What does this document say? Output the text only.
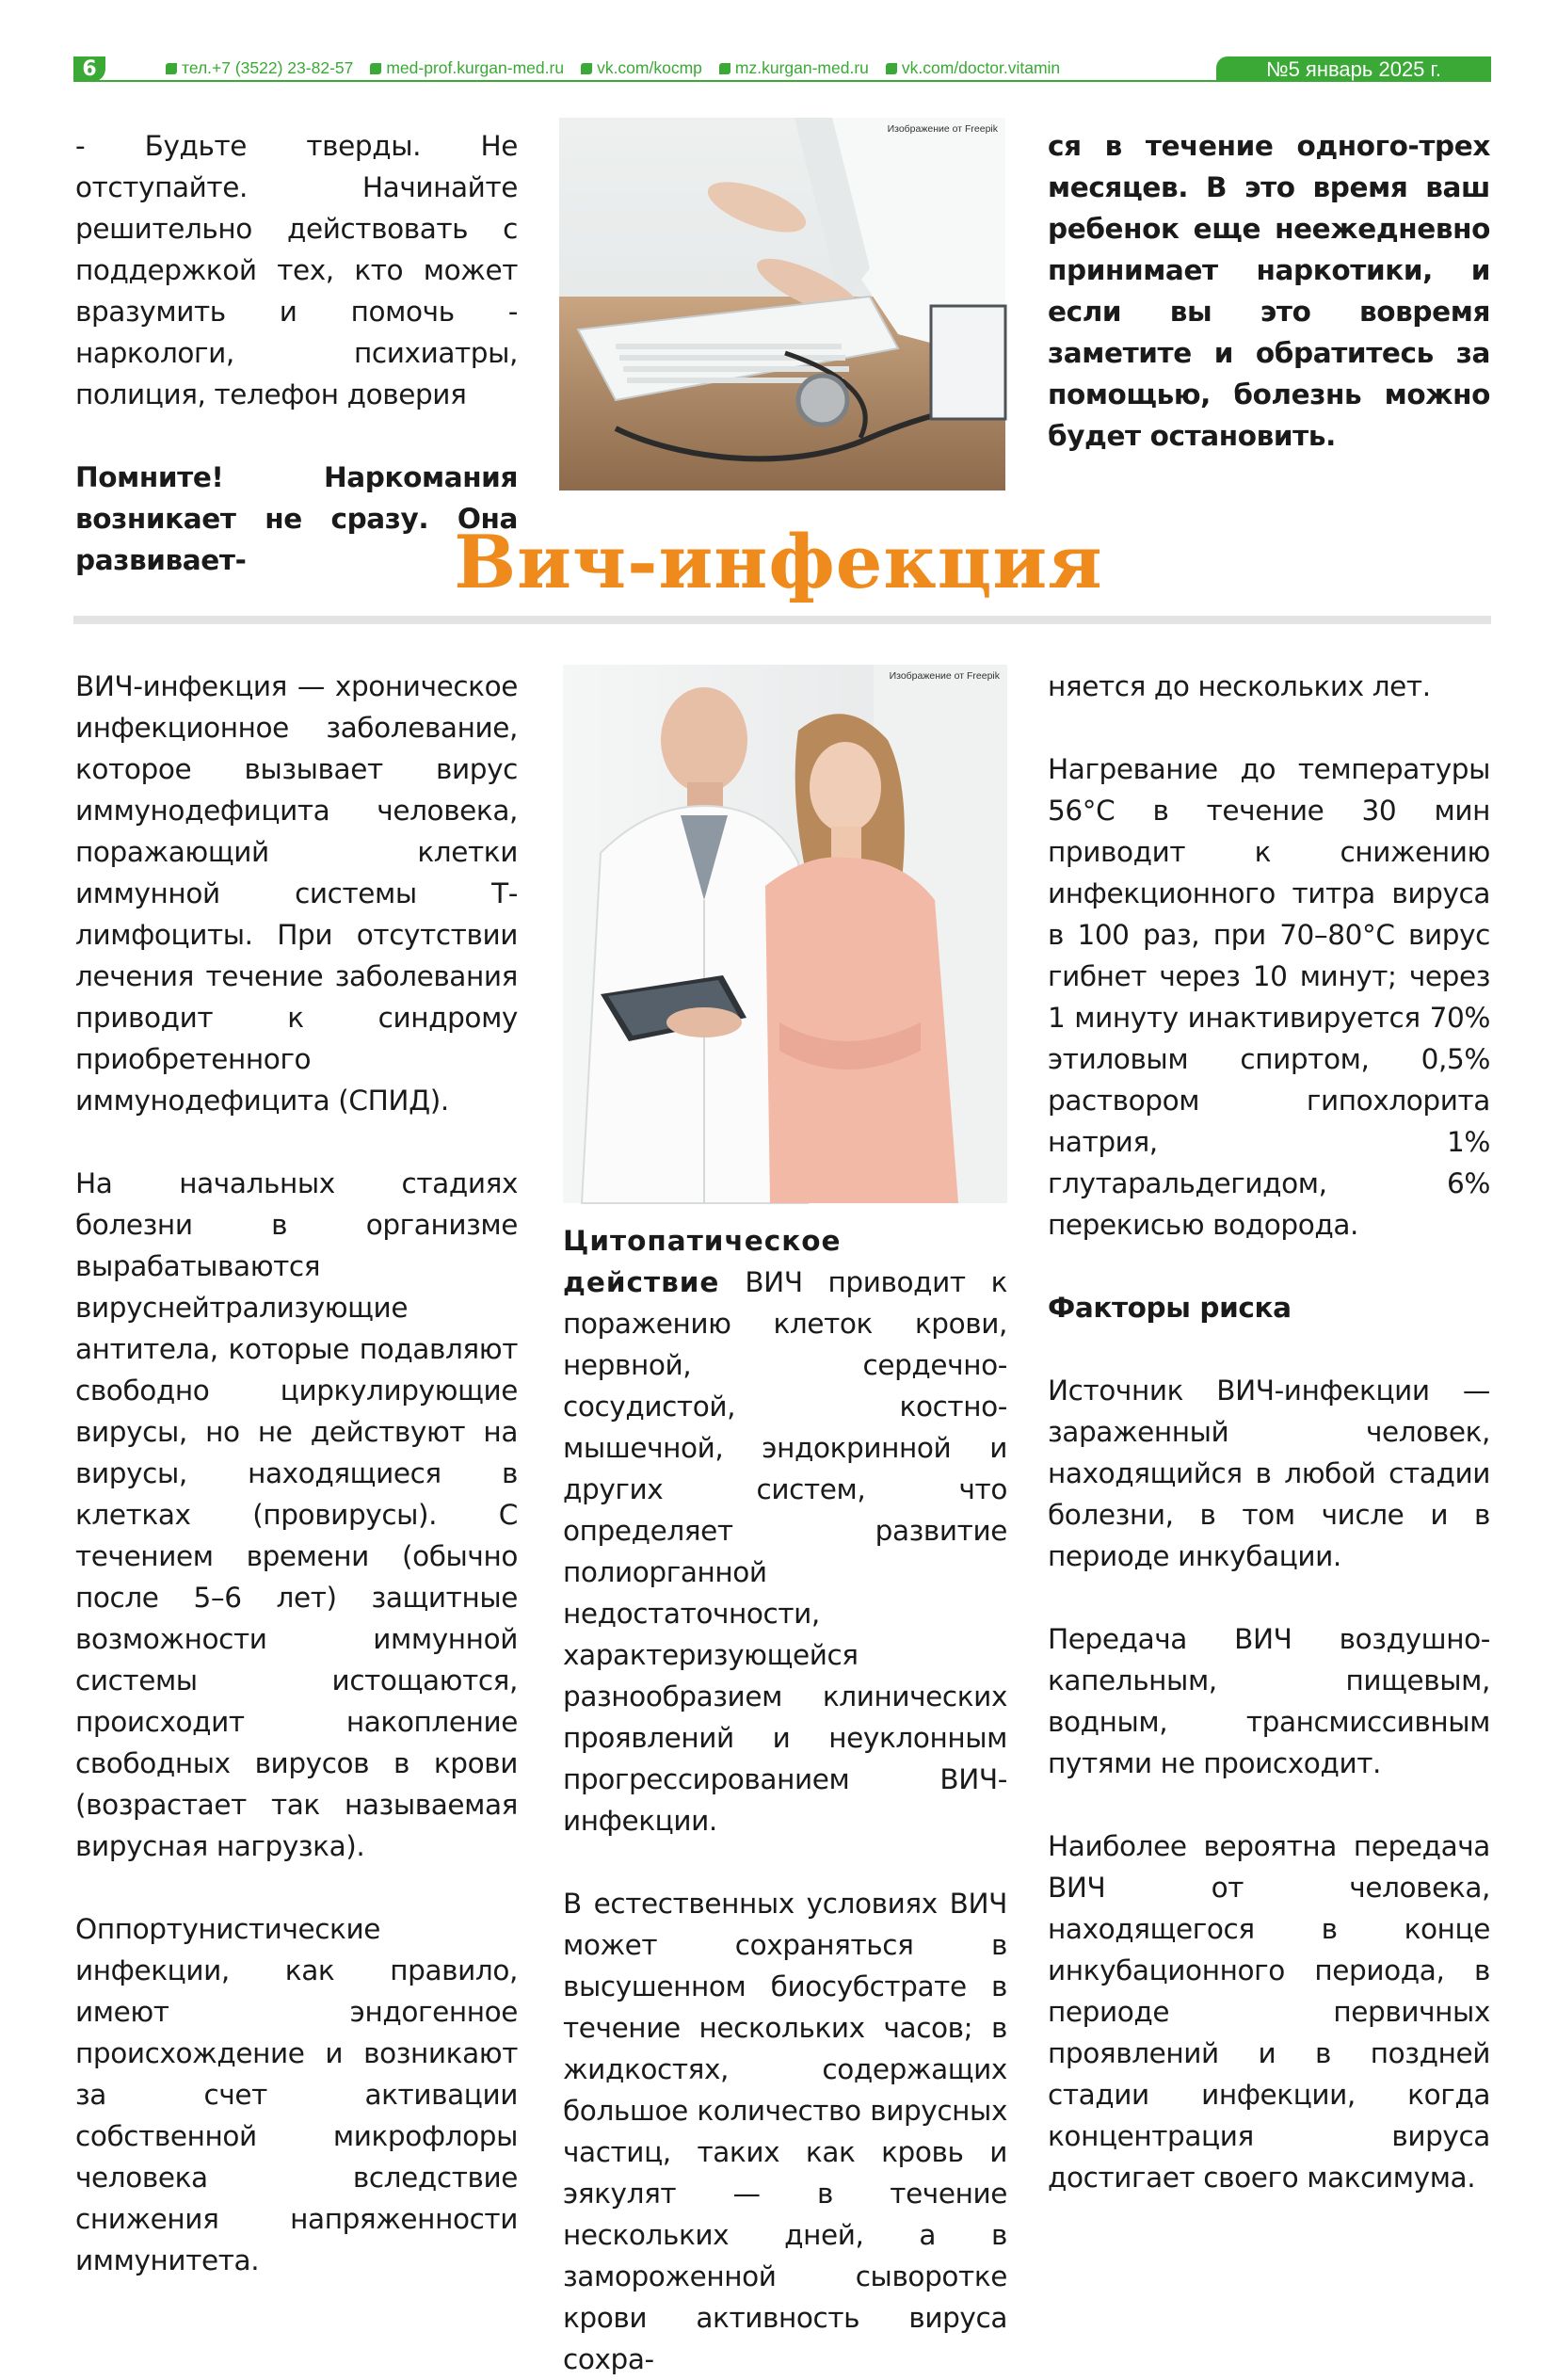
6	тел.+7 (3522) 23-82-57 med-prof.kurgan-med.ru vk.com/kocmp mz.kurgan-med.ru vk.com/doctor.vitamin	№5 январь 2025 г.

- Будьте тверды. Не отступайте. Начинайте решительно действовать с поддержкой тех, кто может вразумить и помочь - наркологи, психиатры, полиция, телефон доверия

Помните! Наркомания возникает не сразу. Она развивает-

Изображение от Freepik

ся в течение одного-трех месяцев. В это время ваш ребенок еще неежедневно принимает наркотики, и если вы это вовремя заметите и обратитесь за помощью, болезнь можно будет остановить.

Вич-инфекция

ВИЧ-инфекция — хроническое инфекционное заболевание, которое вызывает вирус иммунодефицита человека, поражающий клетки иммунной системы Т-лимфоциты. При отсутствии лечения течение заболевания приводит к синдрому приобретенного иммунодефицита (СПИД).

На начальных стадиях болезни в организме вырабатываются вируснейтрализующие антитела, которые подавляют свободно циркулирующие вирусы, но не действуют на вирусы, находящиеся в клетках (провирусы). С течением времени (обычно после 5–6 лет) защитные возможности иммунной системы истощаются, происходит накопление свободных вирусов в крови (возрастает так называемая вирусная нагрузка).

Оппортунистические инфекции, как правило, имеют эндогенное происхождение и возникают за счет активации собственной микрофлоры человека вследствие снижения напряженности иммунитета.

Изображение от Freepik

Цитопатическое действие ВИЧ приводит к поражению клеток крови, нервной, сердечно-сосудистой, костно-мышечной, эндокринной и других систем, что определяет развитие полиорганной недостаточности, характеризующейся разнообразием клинических проявлений и неуклонным прогрессированием ВИЧ-инфекции.

В естественных условиях ВИЧ может сохраняться в высушенном биосубстрате в течение нескольких часов; в жидкостях, содержащих большое количество вирусных частиц, таких как кровь и эякулят — в течение нескольких дней, а в замороженной сыворотке крови активность вируса сохра-

няется до нескольких лет.

Нагревание до температуры 56°С в течение 30 мин приводит к снижению инфекционного титра вируса в 100 раз, при 70–80°С вирус гибнет через 10 минут; через 1 минуту инактивируется 70% этиловым спиртом, 0,5% раствором гипохлорита натрия, 1% глутаральдегидом, 6% перекисью водорода.

Факторы риска

Источник ВИЧ-инфекции — зараженный человек, находящийся в любой стадии болезни, в том числе и в периоде инкубации.

Передача ВИЧ воздушно-капельным, пищевым, водным, трансмиссивным путями не происходит.

Наиболее вероятна передача ВИЧ от человека, находящегося в конце инкубационного периода, в периоде первичных проявлений и в поздней стадии инфекции, когда концентрация вируса достигает своего максимума.
